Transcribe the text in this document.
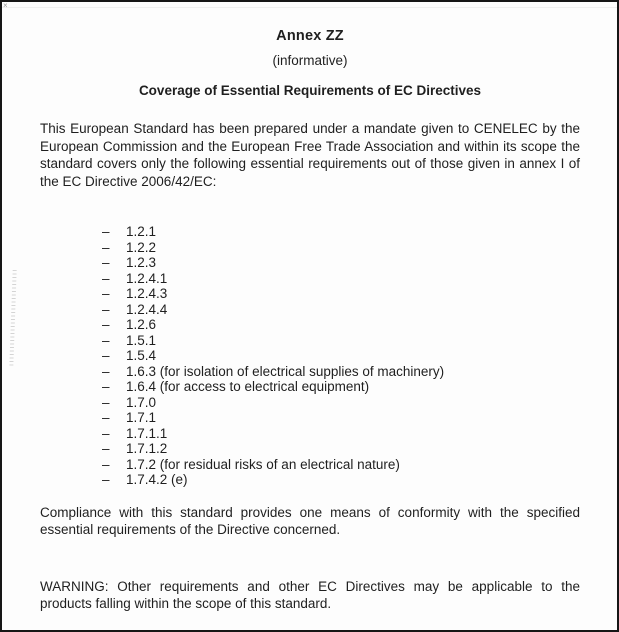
×

Annex ZZ

(informative)

Coverage of Essential Requirements of EC Directives

This European Standard has been prepared under a mandate given to CENELEC by the European Commission and the European Free Trade Association and within its scope the standard covers only the following essential requirements out of those given in annex I of the EC Directive 2006/42/EC:

–	1.2.1
–	1.2.2
–	1.2.3
–	1.2.4.1
–	1.2.4.3
–	1.2.4.4
–	1.2.6
–	1.5.1
–	1.5.4
–	1.6.3 (for isolation of electrical supplies of machinery)
–	1.6.4 (for access to electrical equipment)
–	1.7.0
–	1.7.1
–	1.7.1.1
–	1.7.1.2
–	1.7.2 (for residual risks of an electrical nature)
–	1.7.4.2 (e)

Compliance with this standard provides one means of conformity with the specified essential requirements of the Directive concerned.

WARNING: Other requirements and other EC Directives may be applicable to the products falling within the scope of this standard.
